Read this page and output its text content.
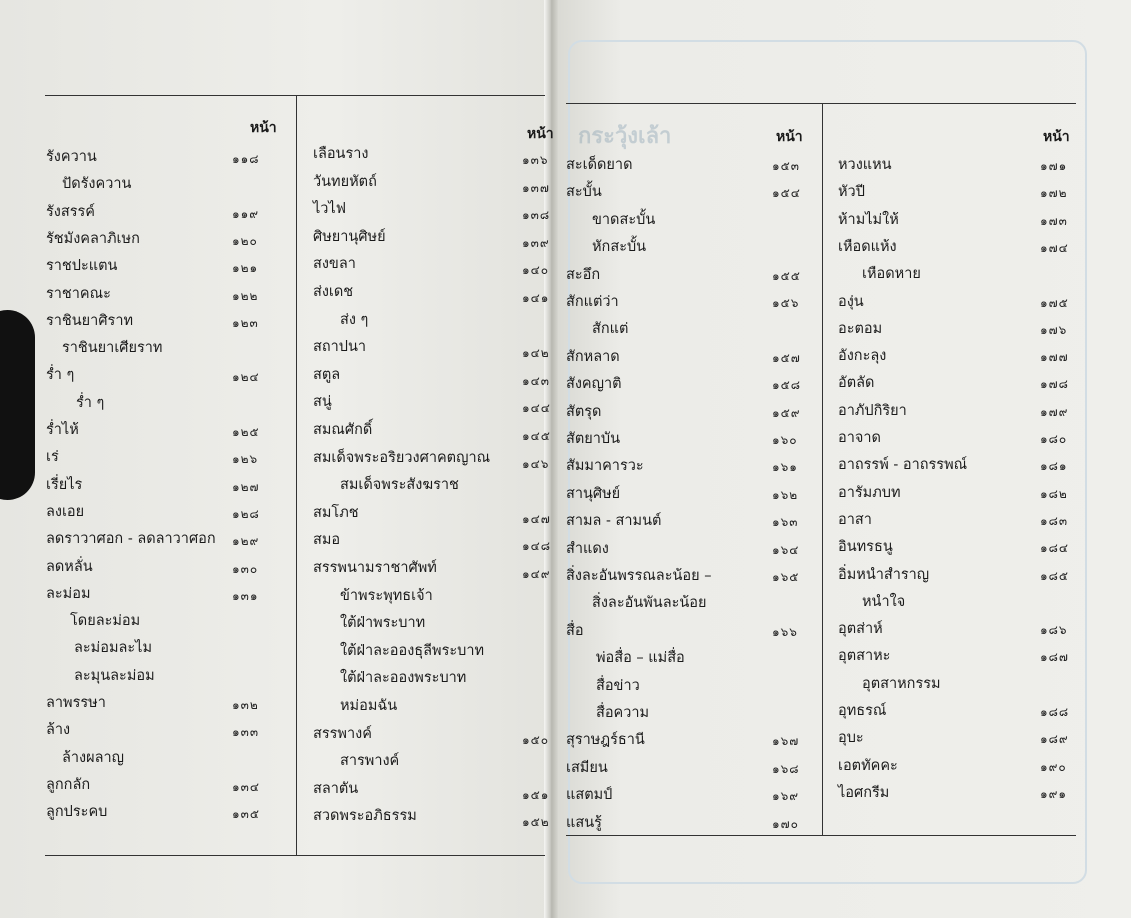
กระวุ้งเล้า
หน้า	หน้า	หน้า	หน้า
รังควาน	๑๑๘
ปัดรังควาน
รังสรรค์	๑๑๙
รัชมังคลาภิเษก	๑๒๐
ราชปะแตน	๑๒๑
ราชาคณะ	๑๒๒
ราชินยาศิราท	๑๒๓
ราชินยาเศียราท
ร่ำ ๆ	๑๒๔
ร่ำ ๆ
ร่ำไห้	๑๒๕
เร่	๑๒๖
เรี่ยไร	๑๒๗
ลงเอย	๑๒๘
ลดราวาศอก - ลดลาวาศอก ๑๒๙
ลดหลั่น	๑๓๐
ละม่อม	๑๓๑
โดยละม่อม
ละม่อมละไม
ละมุนละม่อม
ลาพรรษา	๑๓๒
ล้าง	๑๓๓
ล้างผลาญ
ลูกกลัก	๑๓๔
ลูกประคบ	๑๓๕
เลือนราง	๑๓๖
วันทยหัตถ์	๑๓๗
ไวไฟ	๑๓๘
ศิษยานุศิษย์	๑๓๙
สงขลา	๑๔๐
ส่งเดช	๑๔๑
ส่ง ๆ
สถาปนา	๑๔๒
สตูล	๑๔๓
สนู่	๑๔๔
สมณศักดิ์	๑๔๕
สมเด็จพระอริยวงศาคตญาณ	๑๔๖
สมเด็จพระสังฆราช
สมโภช	๑๔๗
สมอ	๑๔๘
สรรพนามราชาศัพท์	๑๔๙
ข้าพระพุทธเจ้า
ใต้ฝ่าพระบาท
ใต้ฝ่าละอองธุลีพระบาท
ใต้ฝ่าละอองพระบาท
หม่อมฉัน
สรรพางค์	๑๕๐
สารพางค์
สลาตัน	๑๕๑
สวดพระอภิธรรม	๑๕๒
สะเด็ดยาด	๑๕๓
สะบั้น	๑๕๔
ขาดสะบั้น
หักสะบั้น
สะอึก	๑๕๕
สักแต่ว่า	๑๕๖
สักแต่
สักหลาด	๑๕๗
สังคญาติ	๑๕๘
สัตรุด	๑๕๙
สัตยาบัน	๑๖๐
สัมมาคารวะ	๑๖๑
สานุศิษย์	๑๖๒
สามล - สามนต์	๑๖๓
สำแดง	๑๖๔
สิ่งละอันพรรณละน้อย –	๑๖๕
สิ่งละอันพันละน้อย
สื่อ	๑๖๖
พ่อสื่อ – แม่สื่อ
สื่อข่าว
สื่อความ
สุราษฎร์ธานี	๑๖๗
เสมียน	๑๖๘
แสตมป์	๑๖๙
แสนรู้	๑๗๐
หวงแหน	๑๗๑
หัวปี	๑๗๒
ห้ามไม่ให้	๑๗๓
เหือดแห้ง	๑๗๔
เหือดหาย
องุ่น	๑๗๕
อะตอม	๑๗๖
อังกะลุง	๑๗๗
อัตลัด	๑๗๘
อาภัปกิริยา	๑๗๙
อาจาด	๑๘๐
อาถรรพ์ - อาถรรพณ์	๑๘๑
อารัมภบท	๑๘๒
อาสา	๑๘๓
อินทรธนู	๑๘๔
อิ่มหนำสำราญ	๑๘๕
หนำใจ
อุตส่าห์	๑๘๖
อุตสาหะ	๑๘๗
อุตสาหกรรม
อุทธรณ์	๑๘๘
อุบะ	๑๘๙
เอตทัคคะ	๑๙๐
ไอศกรีม	๑๙๑
